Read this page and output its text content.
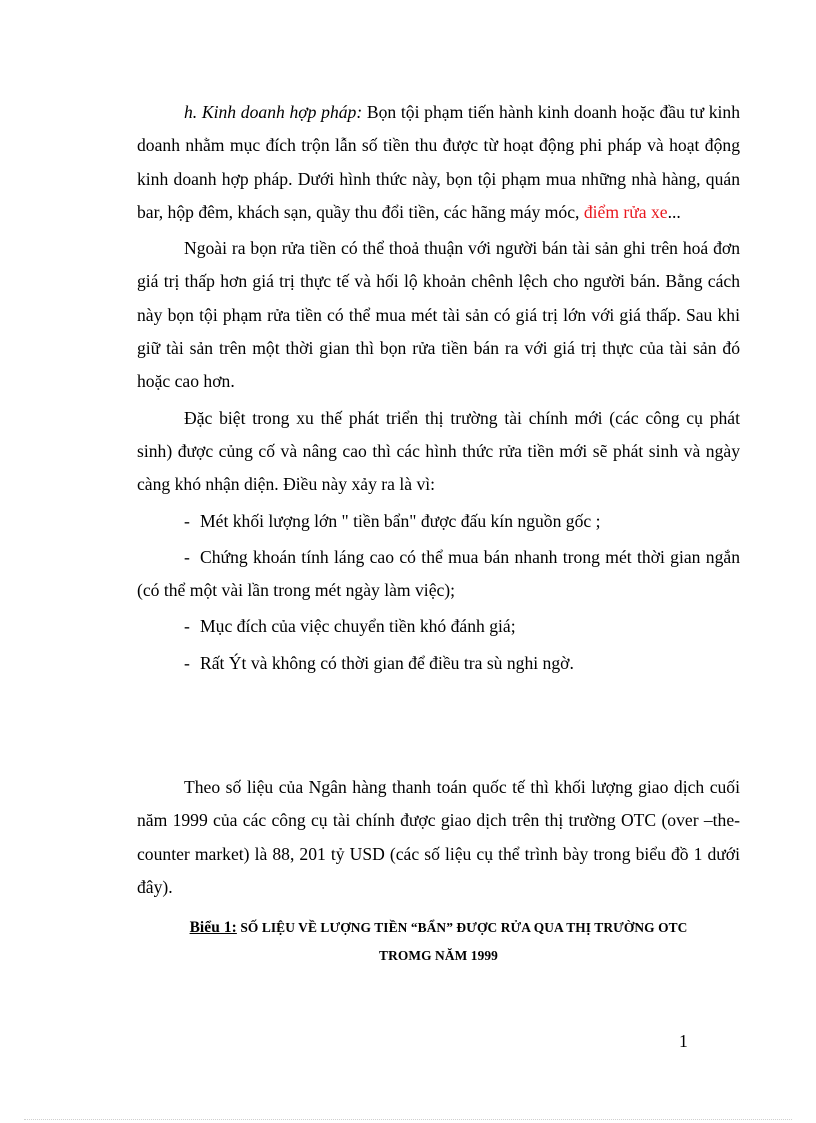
h. Kinh doanh hợp pháp: Bọn tội phạm tiến hành kinh doanh hoặc đầu tư kinh doanh nhằm mục đích trộn lẫn số tiền thu được từ hoạt động phi pháp và hoạt động kinh doanh hợp pháp. Dưới hình thức này, bọn tội phạm mua những nhà hàng, quán bar, hộp đêm, khách sạn, quầy thu đổi tiền, các hãng máy móc, điểm rửa xe...

Ngoài ra bọn rửa tiền có thể thoả thuận với người bán tài sản ghi trên hoá đơn giá trị thấp hơn giá trị thực tế và hối lộ khoản chênh lệch cho người bán. Bằng cách này bọn tội phạm rửa tiền có thể mua mét tài sản có giá trị lớn với giá thấp. Sau khi giữ tài sản trên một thời gian thì bọn rửa tiền bán ra với giá trị thực của tài sản đó hoặc cao hơn.

Đặc biệt trong xu thế phát triển thị trường tài chính mới (các công cụ phát sinh) được củng cố và nâng cao thì các hình thức rửa tiền mới sẽ phát sinh và ngày càng khó nhận diện. Điều này xảy ra là vì:

- Mét khối lượng lớn " tiền bẩn" được đấu kín nguồn gốc ;
- Chứng khoán tính láng cao có thể mua bán nhanh trong mét thời gian ngắn (có thể một vài lần trong mét ngày làm việc);
- Mục đích của việc chuyển tiền khó đánh giá;
- Rất Ýt và không có thời gian để điều tra sù nghi ngờ.

Theo số liệu của Ngân hàng thanh toán quốc tế thì khối lượng giao dịch cuối năm 1999 của các công cụ tài chính được giao dịch trên thị trường OTC (over –the- counter market) là 88, 201 tỷ USD (các số liệu cụ thể trình bày trong biểu đồ 1 dưới đây).

Biểu 1: SỐ LIỆU VỀ LƯỢNG TIỀN “BẨN” ĐƯỢC RỬA QUA THỊ TRƯỜNG OTC

TROMG NĂM 1999

1
